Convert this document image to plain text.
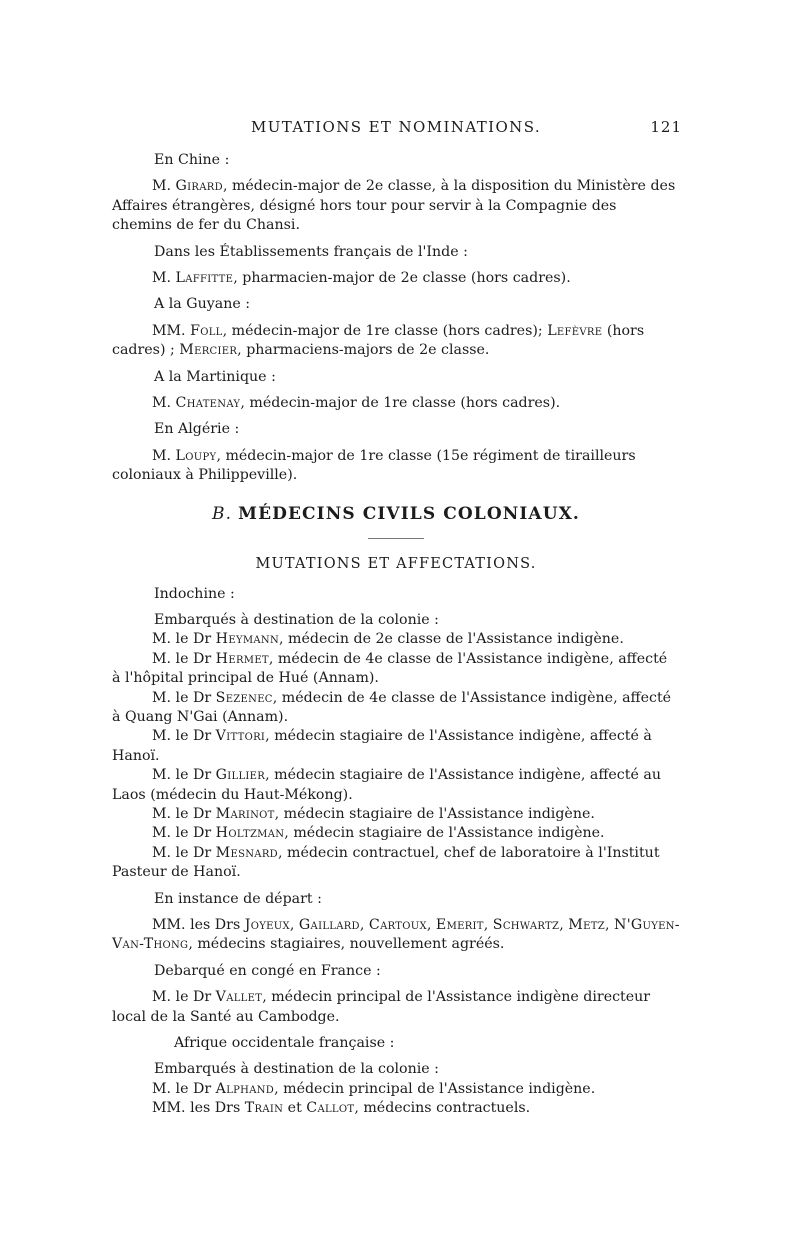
MUTATIONS ET NOMINATIONS.	121

En Chine :

M. Girard, médecin-major de 2e classe, à la disposition du Ministère des Affaires étrangères, désigné hors tour pour servir à la Compagnie des chemins de fer du Chansi.

Dans les Établissements français de l'Inde :

M. Laffitte, pharmacien-major de 2e classe (hors cadres).

A la Guyane :

MM. Foll, médecin-major de 1re classe (hors cadres); Lefèvre (hors cadres) ; Mercier, pharmaciens-majors de 2e classe.

A la Martinique :

M. Chatenay, médecin-major de 1re classe (hors cadres).

En Algérie :

M. Loupy, médecin-major de 1re classe (15e régiment de tirailleurs coloniaux à Philippeville).

B. MÉDECINS CIVILS COLONIAUX.
MUTATIONS ET AFFECTATIONS.

Indochine :

Embarqués à destination de la colonie :

M. le Dr Heymann, médecin de 2e classe de l'Assistance indigène.

M. le Dr Hermet, médecin de 4e classe de l'Assistance indigène, affecté à l'hôpital principal de Hué (Annam).

M. le Dr Sezenec, médecin de 4e classe de l'Assistance indigène, affecté à Quang N'Gai (Annam).

M. le Dr Vittori, médecin stagiaire de l'Assistance indigène, affecté à Hanoï.

M. le Dr Gillier, médecin stagiaire de l'Assistance indigène, affecté au Laos (médecin du Haut-Mékong).

M. le Dr Marinot, médecin stagiaire de l'Assistance indigène.

M. le Dr Holtzman, médecin stagiaire de l'Assistance indigène.

M. le Dr Mesnard, médecin contractuel, chef de laboratoire à l'Institut Pasteur de Hanoï.

En instance de départ :

MM. les Drs Joyeux, Gaillard, Cartoux, Emerit, Schwartz, Metz, N'Guyen-Van-Thong, médecins stagiaires, nouvellement agréés.

Debarqué en congé en France :

M. le Dr Vallet, médecin principal de l'Assistance indigène directeur local de la Santé au Cambodge.

Afrique occidentale française :

Embarqués à destination de la colonie :

M. le Dr Alphand, médecin principal de l'Assistance indigène.

MM. les Drs Train et Callot, médecins contractuels.
